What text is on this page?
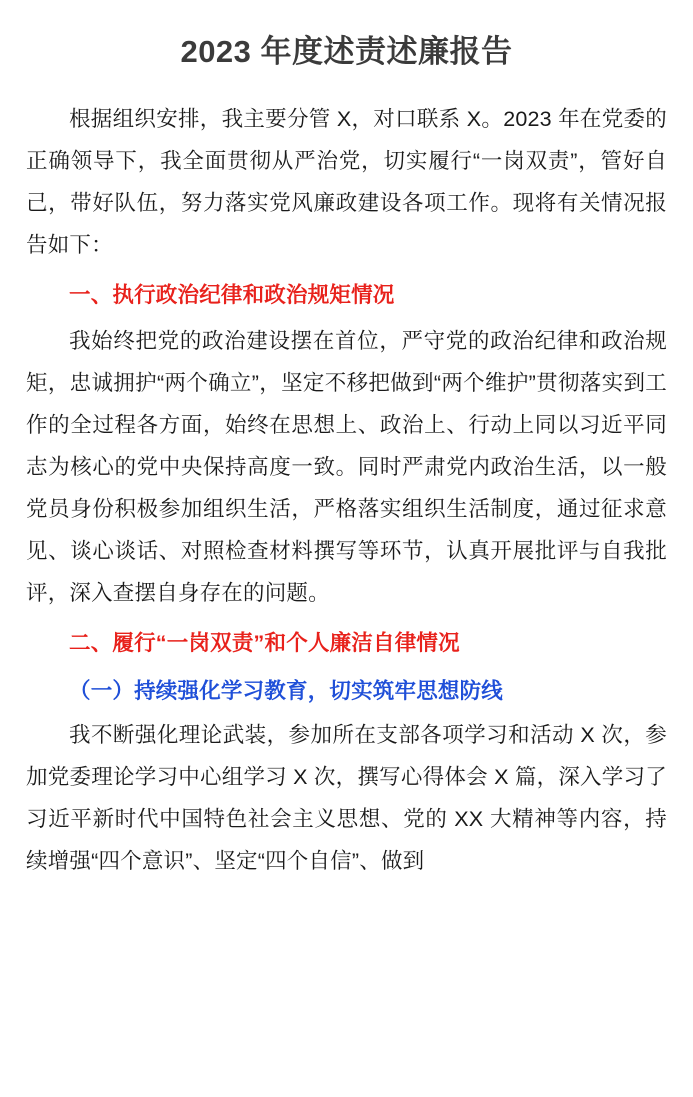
2023 年度述责述廉报告

根据组织安排，我主要分管 X，对口联系 X。2023 年在党委的正确领导下，我全面贯彻从严治党，切实履行“一岗双责”，管好自己，带好队伍，努力落实党风廉政建设各项工作。现将有关情况报告如下：

一、执行政治纪律和政治规矩情况

我始终把党的政治建设摆在首位，严守党的政治纪律和政治规矩，忠诚拥护“两个确立”，坚定不移把做到“两个维护”贯彻落实到工作的全过程各方面，始终在思想上、政治上、行动上同以习近平同志为核心的党中央保持高度一致。同时严肃党内政治生活，以一般党员身份积极参加组织生活，严格落实组织生活制度，通过征求意见、谈心谈话、对照检查材料撰写等环节，认真开展批评与自我批评，深入查摆自身存在的问题。

二、履行“一岗双责”和个人廉洁自律情况
（一）持续强化学习教育，切实筑牢思想防线

我不断强化理论武装，参加所在支部各项学习和活动 X 次，参加党委理论学习中心组学习 X 次，撰写心得体会 X 篇，深入学习了习近平新时代中国特色社会主义思想、党的 XX 大精神等内容，持续增强“四个意识”、坚定“四个自信”、做到
